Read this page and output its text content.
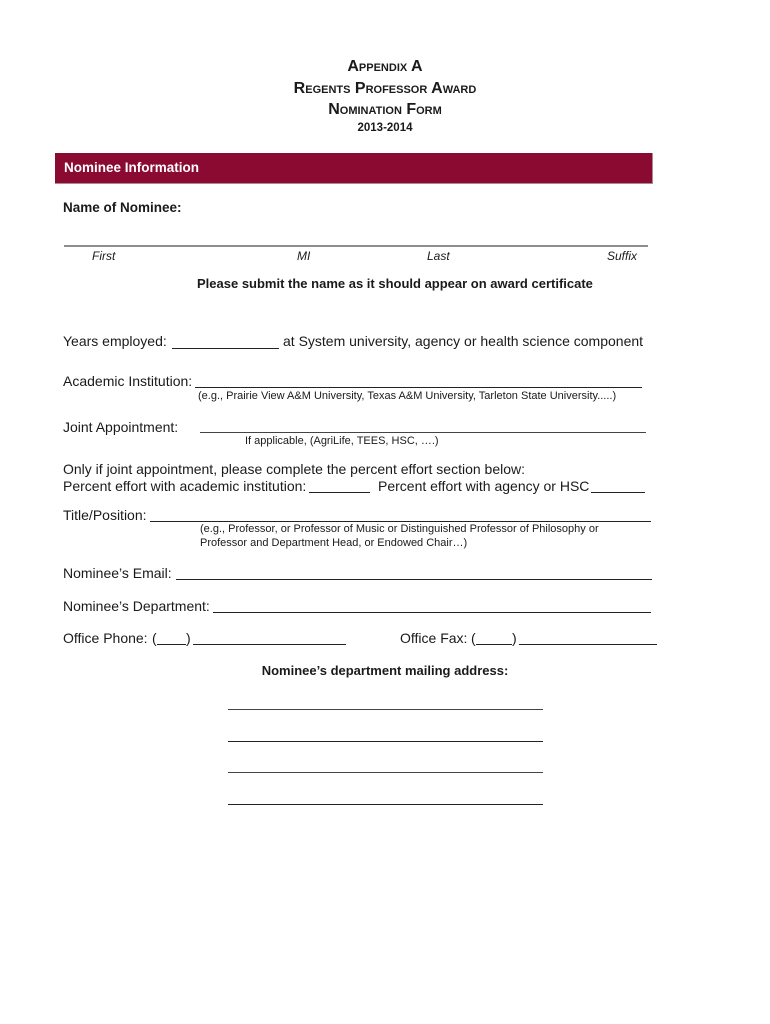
Appendix A
Regents Professor Award
Nomination Form
2013-2014
Nominee Information
Name of Nominee:
First	MI	Last	Suffix
Please submit the name as it should appear on award certificate
Years employed:	at System university, agency or health science component
Academic Institution:
(e.g., Prairie View A&M University, Texas A&M University, Tarleton State University.....)
Joint Appointment:
If applicable, (AgriLife, TEES, HSC, ….)
Only if joint appointment, please complete the percent effort section below:
Percent effort with academic institution:	Percent effort with agency or HSC
Title/Position:
(e.g., Professor, or Professor of Music or Distinguished Professor of Philosophy or
Professor and Department Head, or Endowed Chair…)
Nominee’s Email:
Nominee’s Department:
Office Phone: ( )	Office Fax: (	)
Nominee’s department mailing address:
